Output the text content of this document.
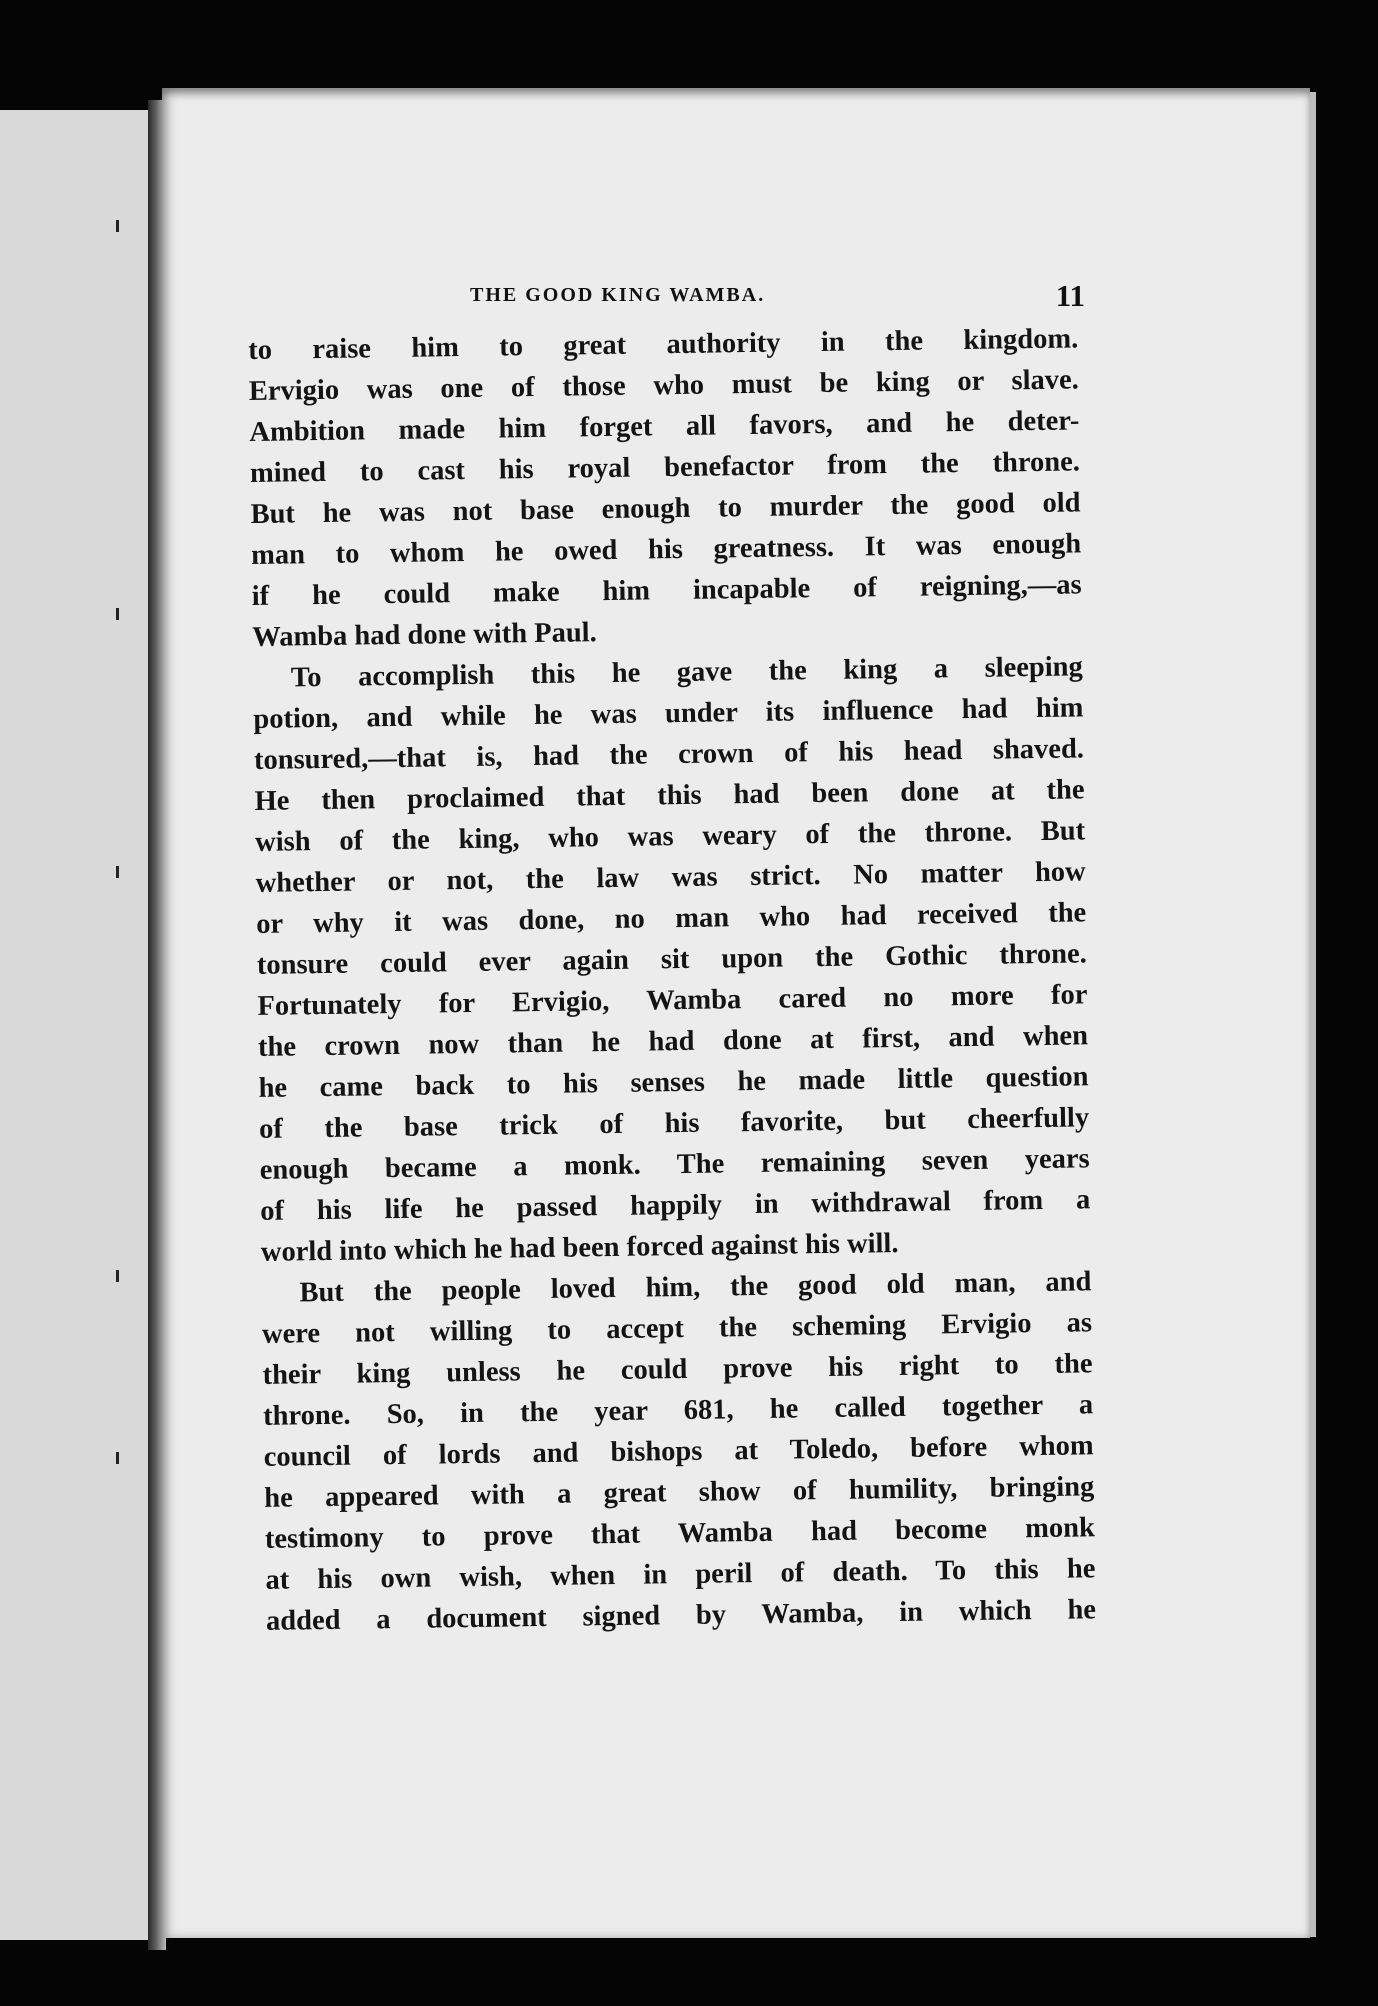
THE GOOD KING WAMBA.	11
to raise him to great authority in the kingdom.
Ervigio was one of those who must be king or slave.
Ambition made him forget all favors, and he deter-
mined to cast his royal benefactor from the throne.
But he was not base enough to murder the good old
man to whom he owed his greatness. It was enough
if he could make him incapable of reigning,—as
Wamba had done with Paul.
To accomplish this he gave the king a sleeping
potion, and while he was under its influence had him
tonsured,—that is, had the crown of his head shaved.
He then proclaimed that this had been done at the
wish of the king, who was weary of the throne. But
whether or not, the law was strict. No matter how
or why it was done, no man who had received the
tonsure could ever again sit upon the Gothic throne.
Fortunately for Ervigio, Wamba cared no more for
the crown now than he had done at first, and when
he came back to his senses he made little question
of the base trick of his favorite, but cheerfully
enough became a monk. The remaining seven years
of his life he passed happily in withdrawal from a
world into which he had been forced against his will.
But the people loved him, the good old man, and
were not willing to accept the scheming Ervigio as
their king unless he could prove his right to the
throne. So, in the year 681, he called together a
council of lords and bishops at Toledo, before whom
he appeared with a great show of humility, bringing
testimony to prove that Wamba had become monk
at his own wish, when in peril of death. To this he
added a document signed by Wamba, in which he
